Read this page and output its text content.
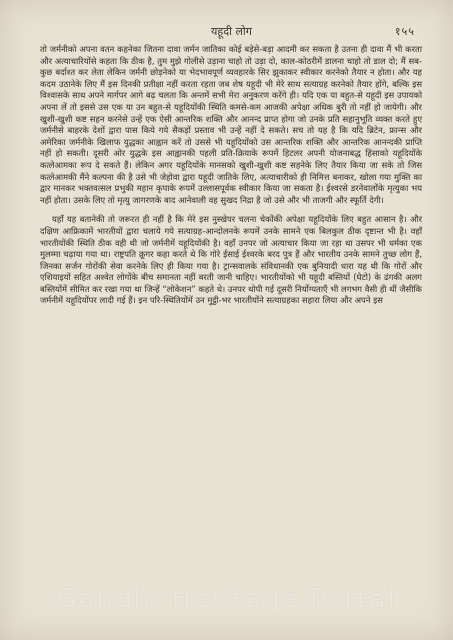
यहूदी लोग	१५५

तो जर्मनीको अपना वतन कहनेका जितना दावा जर्मन जातिका कोई बड़ेसे-बड़ा आदमी कर सकता है उतना ही दावा मैं भी करता और अत्याचारियोंसे कहता कि ठीक है, तुम मुझे गोलीसे उड़ाना चाहो तो उड़ा दो, काल-कोठरीमें डालना चाहो तो डाल दो; मैं सब-कुछ बर्दाश्त कर लेता लेकिन जर्मनी छोड़नेको या भेदभावपूर्ण व्यवहारके सिर झुकाकर स्वीकार करनेको तैयार न होता। और यह कदम उठानेके लिए मैं इस दिनकी प्रतीक्षा नहीं करता रहता जब शेष यहूदी भी मेरे साथ सत्याग्रह करनेको तैयार होंगे, बल्कि इस विश्वासके साथ अपने मार्गपर आगे बढ़ चलता कि अन्तमें सभी मेरा अनुकरण करेंगे ही। यदि एक या बहुत-से यहूदी इस उपायको अपना लें तो इससे उस एक या उन बहुत-से यहूदियोंकी स्थिति कमसे-कम आजकी अपेक्षा अधिक बुरी तो नहीं हो जायेगी। और खुशी-खुशी कष्ट सहन करनेसे उन्हें एक ऐसी आन्तरिक शक्ति और आनन्द प्राप्त होगा जो उनके प्रति सहानुभूति व्यक्त करते हुए जर्मनीसे बाहरके देशों द्वारा पास किये गये सैकड़ों प्रस्ताव भी उन्हें नहीं दे सकते। सच तो यह है कि यदि ब्रिटेन, फ्रान्स और अमेरिका जर्मनीके खिलाफ युद्धका आह्वान करें तो उससे भी यहूदियोंको उस आन्तरिक शक्ति और आन्तरिक आनन्दकी प्राप्ति नहीं हो सकती। दूसरी ओर युद्धके इस आह्वानकी पहली प्रति-क्रियाके रूपमें हिटलर अपनी योजनाबद्ध हिंसाको यहूदियोंके कत्लेआमका रूप दे सकते हैं। लेकिन अगर यहूदियोंके मानसको खुशी-खुशी कष्ट सहनेके लिए तैयार किया जा सके तो जिस कत्लेआमकी मैंने कल्पना की है उसे भी जेहोवा द्वारा यहूदी जातिके लिए, अत्याचारीको ही निमित्त बनाकर, खोला गया मुक्ति का द्वार मानकर भक्तवत्सल प्रभुकी महान कृपाके रूपमें उल्लासपूर्वक स्वीकार किया जा सकता है। ईश्वरसे डरनेवालोंके मृत्युका भय नहीं होता। उसके लिए तो मृत्यु जागरणके बाद आनेवाली वह सुखद निद्रा है जो उसे और भी ताजगी और स्फूर्ति देगी।

यहाँ यह बतानेकी तो जरूरत ही नहीं है कि मेरे इस नुस्खेपर चलना चेकोंकी अपेक्षा यहूदियोंके लिए बहुत आसान है। और दक्षिण आफ्रिकामें भारतीयों द्वारा चलाये गये सत्याग्रह-आन्दोलनके रूपमें उनके सामने एक बिलकुल ठीक दृष्टान्त भी है। वहाँ भारतीयोंकी स्थिति ठीक वही थी जो जर्मनीमें यहूदियोंकी है। वहाँ उनपर जो अत्याचार किया जा रहा था उसपर भी धर्मका एक मुलम्मा चढ़ाया गया था। राष्ट्रपति क्रूगर कहा करते थे कि गोरे ईसाई ईश्वरके बरद पुत्र हैं और भारतीय उनके सामने तुच्छ लोग हैं, जिनका सर्जन गोरोंकी सेवा करनेके लिए ही किया गया है। ट्रान्सवालके संविधानकी एक बुनियादी धारा यह थी कि गोरों और एशियाइयों सहित अश्वेत लोगोंके बीच समानता नहीं बरती जानी चाहिए। भारतीयोंको भी यहूदी बस्तियों (घेटो) के ढंगकी अलग बस्तियोंमें सीमित कर रखा गया था जिन्हें “लोकेशन” कहते थे। उनपर थोपी गई दूसरी निर्योग्यताएँ भी लगभग वैसी ही थीं जैसीकि जर्मनीमें यहूदियोंपर लादी गई हैं। इन परि-स्थितियोंमें उन मुट्ठी-भर भारतीयोंने सत्याग्रहका सहारा लिया और अपने इस

Gandhi Heritage Portal
